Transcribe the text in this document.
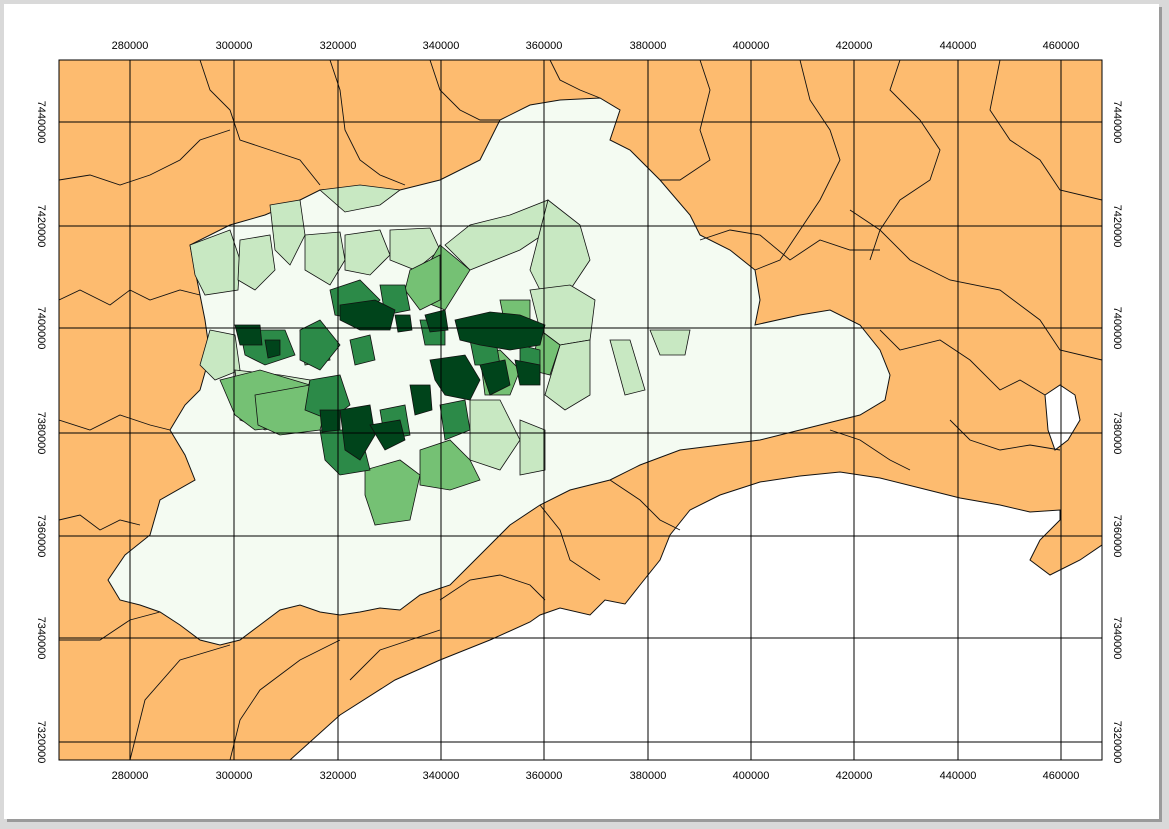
280000	300000	320000	340000	360000	380000	400000	420000	440000	460000
280000	300000	320000	340000	360000	380000	400000	420000	440000	460000
7440000
7420000
7400000
7380000
7360000
7340000
7320000
7440000
7420000
7400000
7380000
7360000
7340000
7320000
